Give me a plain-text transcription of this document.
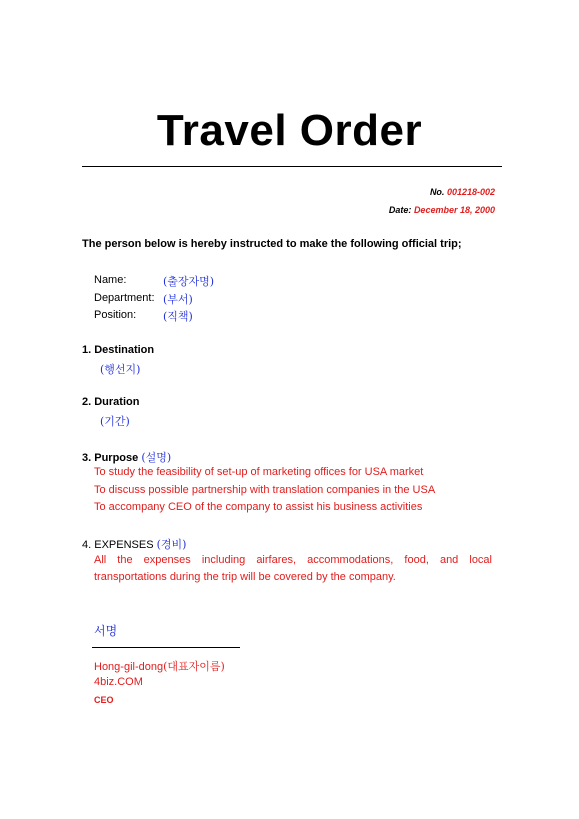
Travel Order
No. 001218-002
Date: December 18, 2000
The person below is hereby instructed to make the following official trip;
Name:	(출장자명)
Department: (부서)
Position: (직책)
1. Destination
(행선지)
2. Duration
(기간)
3. Purpose (설명)
To study the feasibility of set-up of marketing offices for USA market
To discuss possible partnership with translation companies in the USA
To accompany CEO of the company to assist his business activities
4. EXPENSES (경비)
All the expenses including airfares, accommodations, food, and local
transportations during the trip will be covered by the company.
서명
Hong-gil-dong(대표자이름)
4biz.COM
CEO
